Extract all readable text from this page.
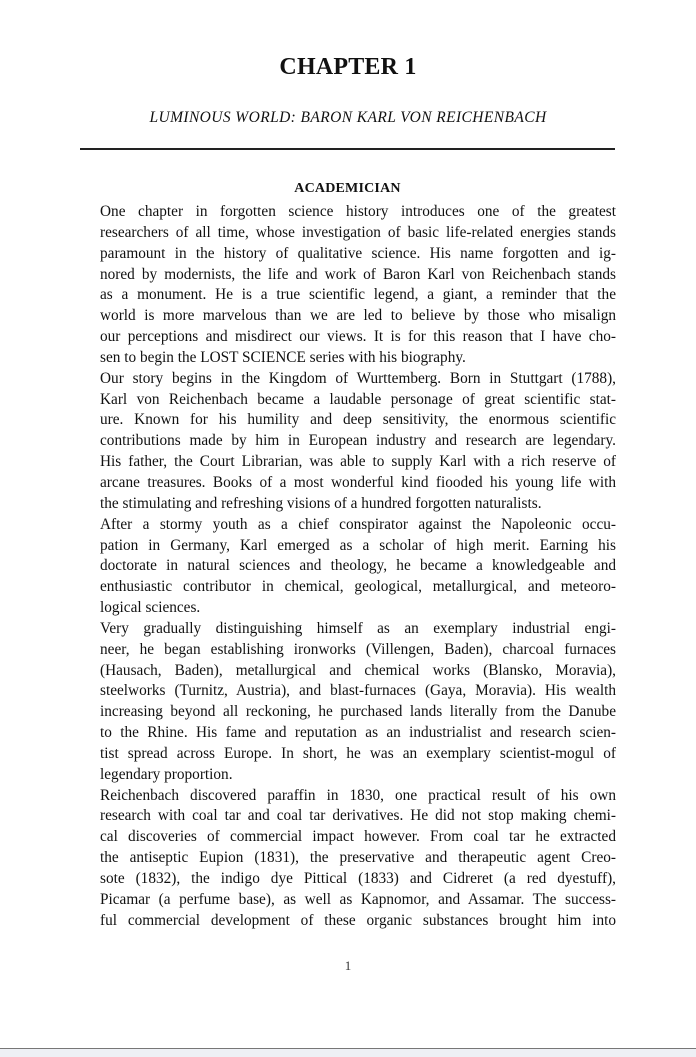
CHAPTER 1
LUMINOUS WORLD: BARON KARL VON REICHENBACH
ACADEMICIAN
One chapter in forgotten science history introduces one of the greatest
researchers of all time, whose investigation of basic life-related energies stands
paramount in the history of qualitative science. His name forgotten and ig-
nored by modernists, the life and work of Baron Karl von Reichenbach stands
as a monument. He is a true scientific legend, a giant, a reminder that the
world is more marvelous than we are led to believe by those who misalign
our perceptions and misdirect our views. It is for this reason that I have cho-
sen to begin the LOST SCIENCE series with his biography.
Our story begins in the Kingdom of Wurttemberg. Born in Stuttgart (1788),
Karl von Reichenbach became a laudable personage of great scientific stat-
ure. Known for his humility and deep sensitivity, the enormous scientific
contributions made by him in European industry and research are legendary.
His father, the Court Librarian, was able to supply Karl with a rich reserve of
arcane treasures. Books of a most wonderful kind fiooded his young life with
the stimulating and refreshing visions of a hundred forgotten naturalists.
After a stormy youth as a chief conspirator against the Napoleonic occu-
pation in Germany, Karl emerged as a scholar of high merit. Earning his
doctorate in natural sciences and theology, he became a knowledgeable and
enthusiastic contributor in chemical, geological, metallurgical, and meteoro-
logical sciences.
Very gradually distinguishing himself as an exemplary industrial engi-
neer, he began establishing ironworks (Villengen, Baden), charcoal furnaces
(Hausach, Baden), metallurgical and chemical works (Blansko, Moravia),
steelworks (Turnitz, Austria), and blast-furnaces (Gaya, Moravia). His wealth
increasing beyond all reckoning, he purchased lands literally from the Danube
to the Rhine. His fame and reputation as an industrialist and research scien-
tist spread across Europe. In short, he was an exemplary scientist-mogul of
legendary proportion.
Reichenbach discovered paraffin in 1830, one practical result of his own
research with coal tar and coal tar derivatives. He did not stop making chemi-
cal discoveries of commercial impact however. From coal tar he extracted
the antiseptic Eupion (1831), the preservative and therapeutic agent Creo-
sote (1832), the indigo dye Pittical (1833) and Cidreret (a red dyestuff),
Picamar (a perfume base), as well as Kapnomor, and Assamar. The success-
ful commercial development of these organic substances brought him into
1
